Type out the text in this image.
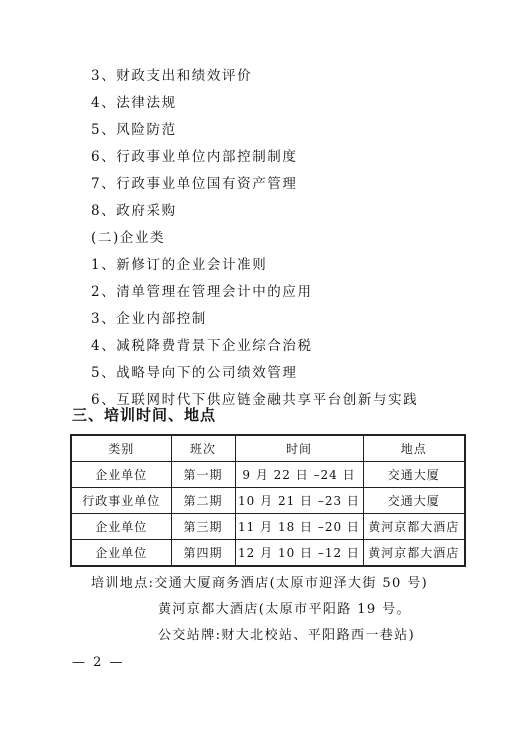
3、财政支出和绩效评价
4、法律法规
5、风险防范
6、行政事业单位内部控制制度
7、行政事业单位国有资产管理
8、政府采购
(二)企业类
1、新修订的企业会计准则
2、清单管理在管理会计中的应用
3、企业内部控制
4、减税降费背景下企业综合治税
5、战略导向下的公司绩效管理
6、互联网时代下供应链金融共享平台创新与实践
三、培训时间、地点
类别	班次	时间	地点
企业单位	第一期	9 月 22 日 –24 日	交通大厦
行政事业单位	第二期	10 月 21 日 –23 日	交通大厦
企业单位	第三期	11 月 18 日 –20 日	黄河京都大酒店
企业单位	第四期	12 月 10 日 –12 日	黄河京都大酒店
培训地点:交通大厦商务酒店(太原市迎泽大街 50 号)
黄河京都大酒店(太原市平阳路 19 号。
公交站牌:财大北校站、平阳路西一巷站)
— 2 —
